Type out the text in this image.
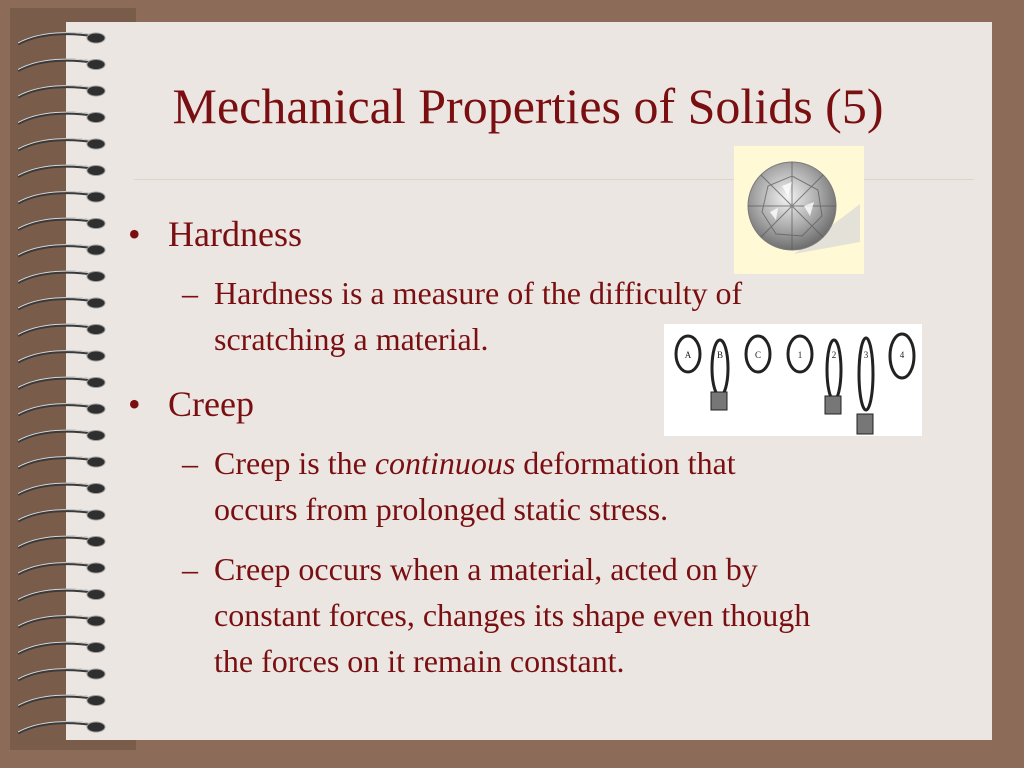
Mechanical Properties of Solids (5)
• Hardness
– Hardness is a measure of the difficulty of
scratching a material.
• Creep
– Creep is the continuous deformation that
occurs from prolonged static stress.
– Creep occurs when a material, acted on by
constant forces, changes its shape even though
the forces on it remain constant.
A	B	C	1	2	3	4
